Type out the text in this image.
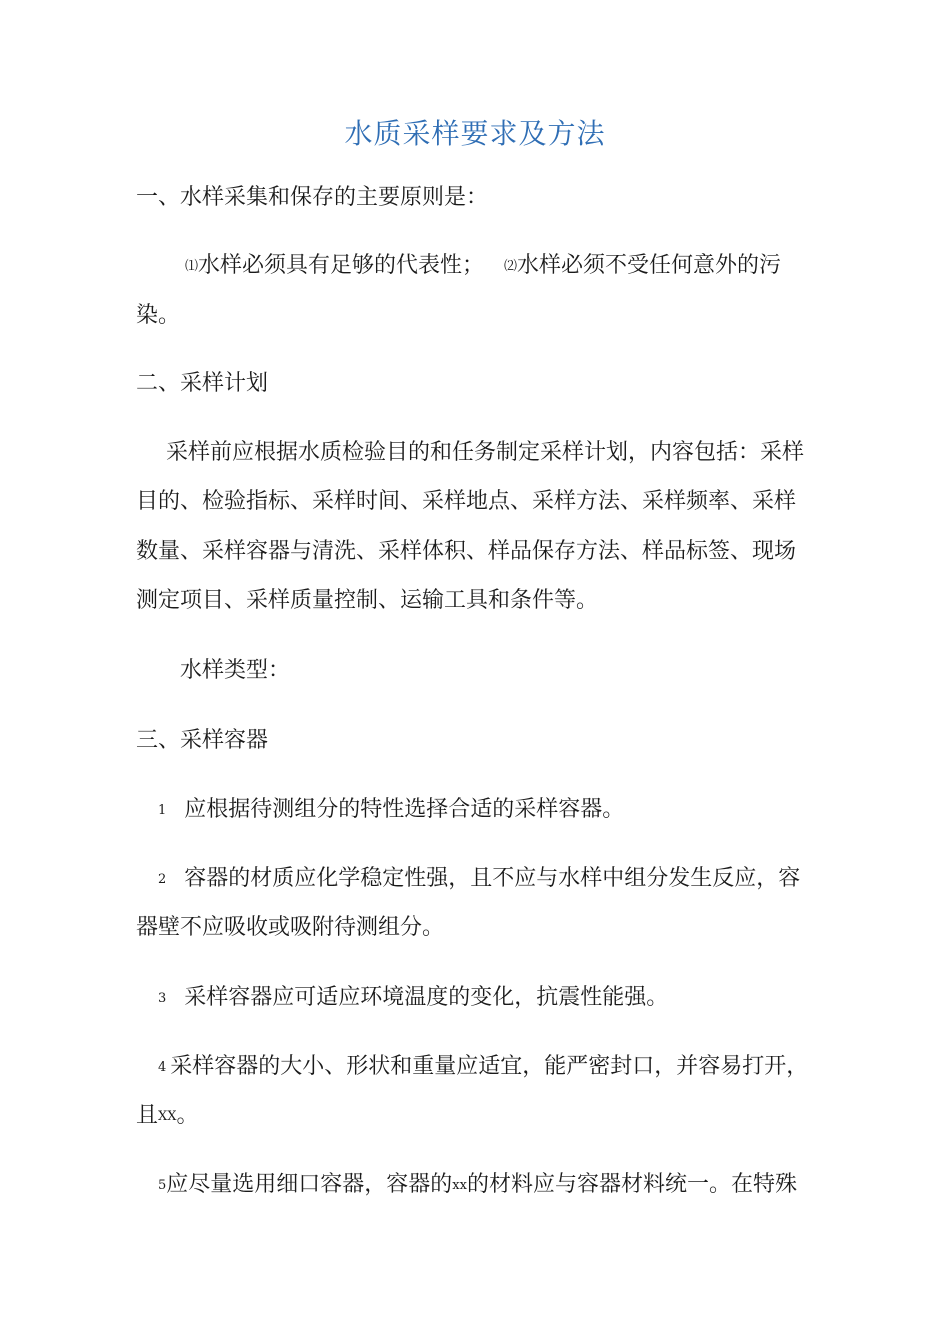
水质采样要求及方法
一、水样采集和保存的主要原则是：
⑴水样必须具有足够的代表性； ⑵水样必须不受任何意外的污
染。
二、采样计划
采样前应根据水质检验目的和任务制定采样计划，内容包括：采样
目的、检验指标、采样时间、采样地点、采样方法、采样频率、采样
数量、采样容器与清洗、采样体积、样品保存方法、样品标签、现场
测定项目、采样质量控制、运输工具和条件等。
水样类型：
三、采样容器
1 应根据待测组分的特性选择合适的采样容器。
2 容器的材质应化学稳定性强，且不应与水样中组分发生反应，容
器壁不应吸收或吸附待测组分。
3 采样容器应可适应环境温度的变化，抗震性能强。
4 采样容器的大小、形状和重量应适宜，能严密封口，并容易打开，
且XX。
5应尽量选用细口容器，容器的xx的材料应与容器材料统一。在特殊
